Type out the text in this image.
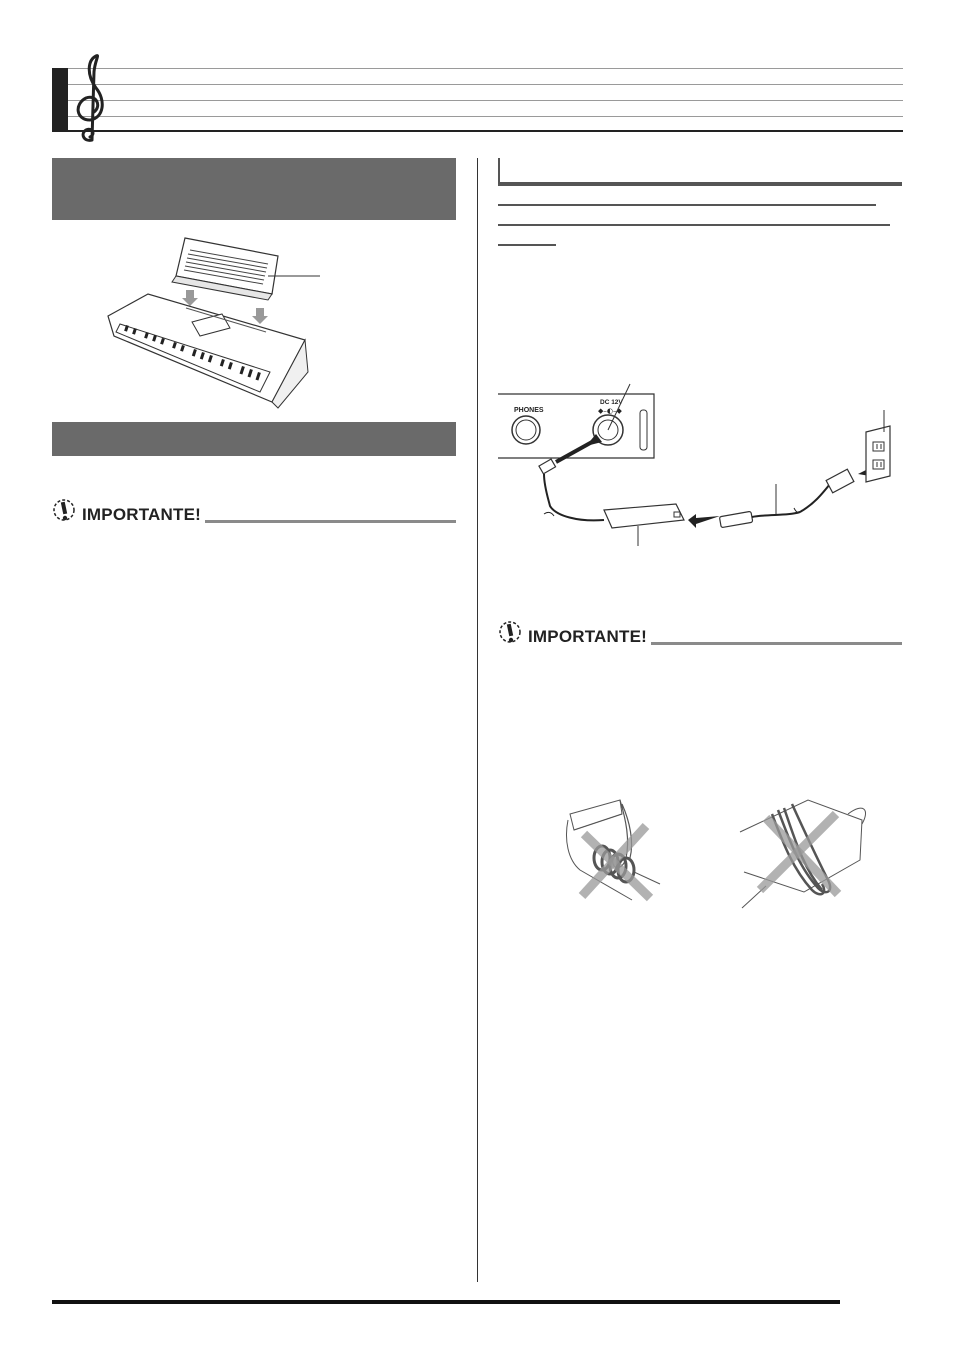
IMPORTANTE!
PHONES
DC 12V
◆–◐–◆
IMPORTANTE!
